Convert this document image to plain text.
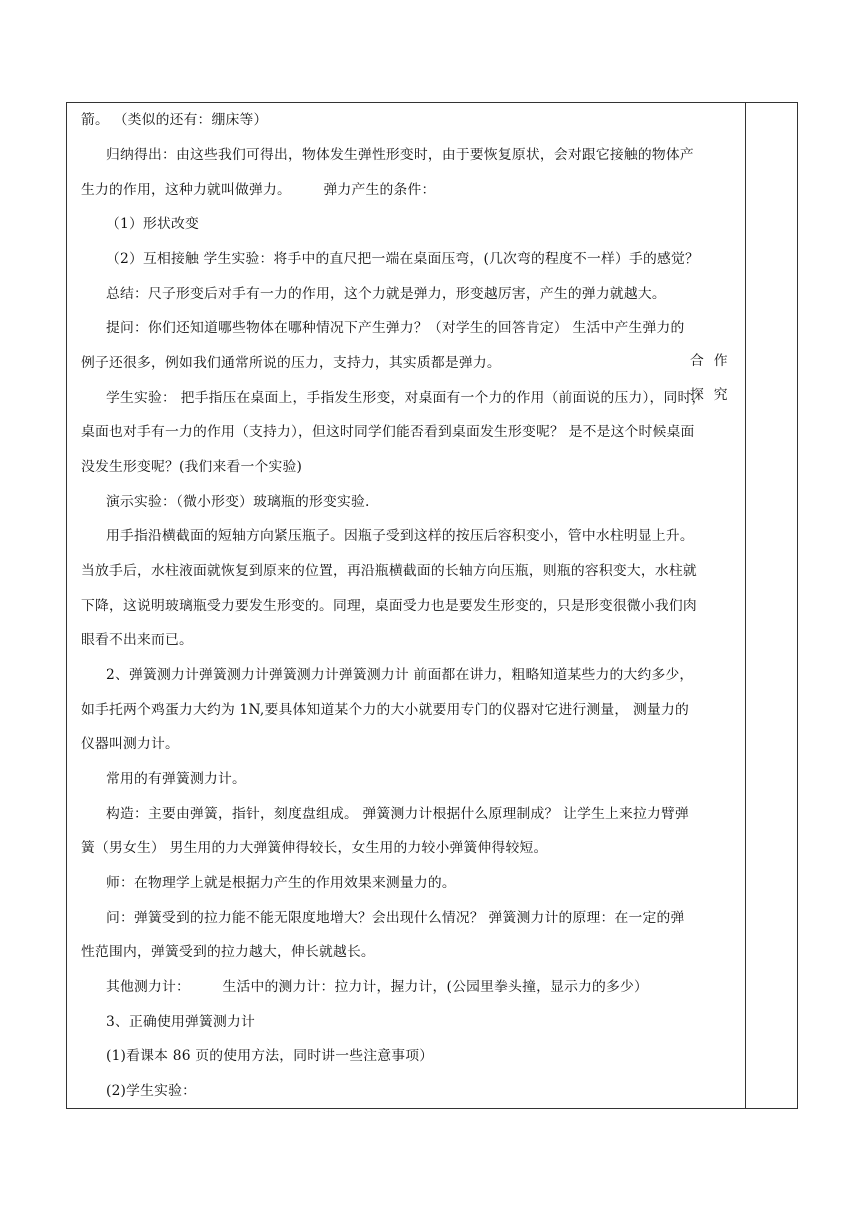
箭。 （类似的还有：绷床等）
归纳得出：由这些我们可得出，物体发生弹性形变时，由于要恢复原状，会对跟它接触的物体产
生力的作用，这种力就叫做弹力。 　　弹力产生的条件：
（1）形状改变
（2）互相接触 学生实验：将手中的直尺把一端在桌面压弯，(几次弯的程度不一样）手的感觉？
总结：尺子形变后对手有一力的作用，这个力就是弹力，形变越厉害，产生的弹力就越大。
提问：你们还知道哪些物体在哪种情况下产生弹力？（对学生的回答肯定） 生活中产生弹力的
例子还很多，例如我们通常所说的压力，支持力，其实质都是弹力。
学生实验： 把手指压在桌面上，手指发生形变，对桌面有一个力的作用（前面说的压力），同时，
桌面也对手有一力的作用（支持力），但这时同学们能否看到桌面发生形变呢？ 是不是这个时候桌面
没发生形变呢？(我们来看一个实验)
演示实验：（微小形变）玻璃瓶的形变实验.
用手指沿横截面的短轴方向紧压瓶子。因瓶子受到这样的按压后容积变小，管中水柱明显上升。
当放手后，水柱液面就恢复到原来的位置，再沿瓶横截面的长轴方向压瓶，则瓶的容积变大，水柱就
下降，这说明玻璃瓶受力要发生形变的。同理，桌面受力也是要发生形变的，只是形变很微小我们肉
眼看不出来而已。
2、弹簧测力计弹簧测力计弹簧测力计弹簧测力计 前面都在讲力，粗略知道某些力的大约多少，
如手托两个鸡蛋力大约为 1N,要具体知道某个力的大小就要用专门的仪器对它进行测量， 测量力的
仪器叫测力计。
常用的有弹簧测力计。
构造：主要由弹簧，指针，刻度盘组成。 弹簧测力计根据什么原理制成？ 让学生上来拉力臂弹
簧（男女生） 男生用的力大弹簧伸得较长，女生用的力较小弹簧伸得较短。
师：在物理学上就是根据力产生的作用效果来测量力的。
问：弹簧受到的拉力能不能无限度地增大？会出现什么情况？ 弹簧测力计的原理：在一定的弹
性范围内，弹簧受到的拉力越大，伸长就越长。
其他测力计： 　　生活中的测力计：拉力计，握力计，(公园里拳头撞，显示力的多少）
3、正确使用弹簧测力计
(1)看课本 86 页的使用方法，同时讲一些注意事项）
(2)学生实验：
合作
探究
